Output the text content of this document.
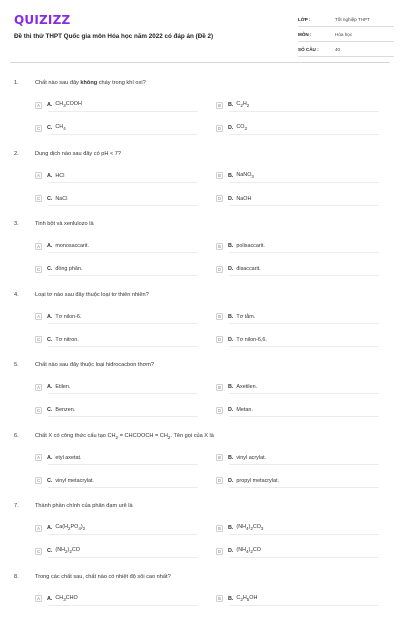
QUIZIZZ
Đề thi thử THPT Quốc gia môn Hóa học năm 2022 có đáp án (Đề 2)
LỚP :	Tốt nghiệp THPT
MÔN :	Hóa học
SỐ CÂU :	40
1.	Chất nào sau đây không cháy trong khí oxi?
A	A. $CH_3COOH$	B	B. $C_2H_2$
C	C. $CH_4$	D	D. $CO_2$
2.	Dung dịch nào sau đây có pH < 7?
A	A. HCl	B	B. NaNO$_3$
C	C. NaCl	D	D. NaOH
3.	Tinh bột và xenlulozo là
A	A. monosaccarit.	B	B. polisaccarit.
C	C. đồng phân.	D	D. đisaccarit.
4.	Loại tơ nào sau đây thuộc loại tơ thiên nhiên?
A	A. Tơ nilon-6.	B	B. Tơ tằm.
C	C. Tơ nitron.	D	D. Tơ nilon-6,6.
5.	Chất nào sau đây thuộc loại hiđrocacbon thơm?
A	A. Etilen.	B	B. Axetilen.
C	C. Benzen.	D	D. Metan.
6.	Chất X có công thức cấu tạo $CH_2$ = CHCOOCH = $CH_2$. Tên gọi của X là
A	A. etyl axetat.	B	B. vinyl acrylat.
C	C. vinyl metacrylat.	D	D. propyl metacrylat.
7.	Thành phần chính của phân đạm urê là
A	A. $Ca(H_2PO_4)_2$	B	B. $(NH_4)_2CO_3$
C	C. $(NH_2)_2CO$	D	D. $(NH_4)_2CO$
8.	Trong các chất sau, chất nào có nhiệt độ sôi cao nhất?
A	A. $CH_3CHO$	B	B. $C_2H_5OH$
